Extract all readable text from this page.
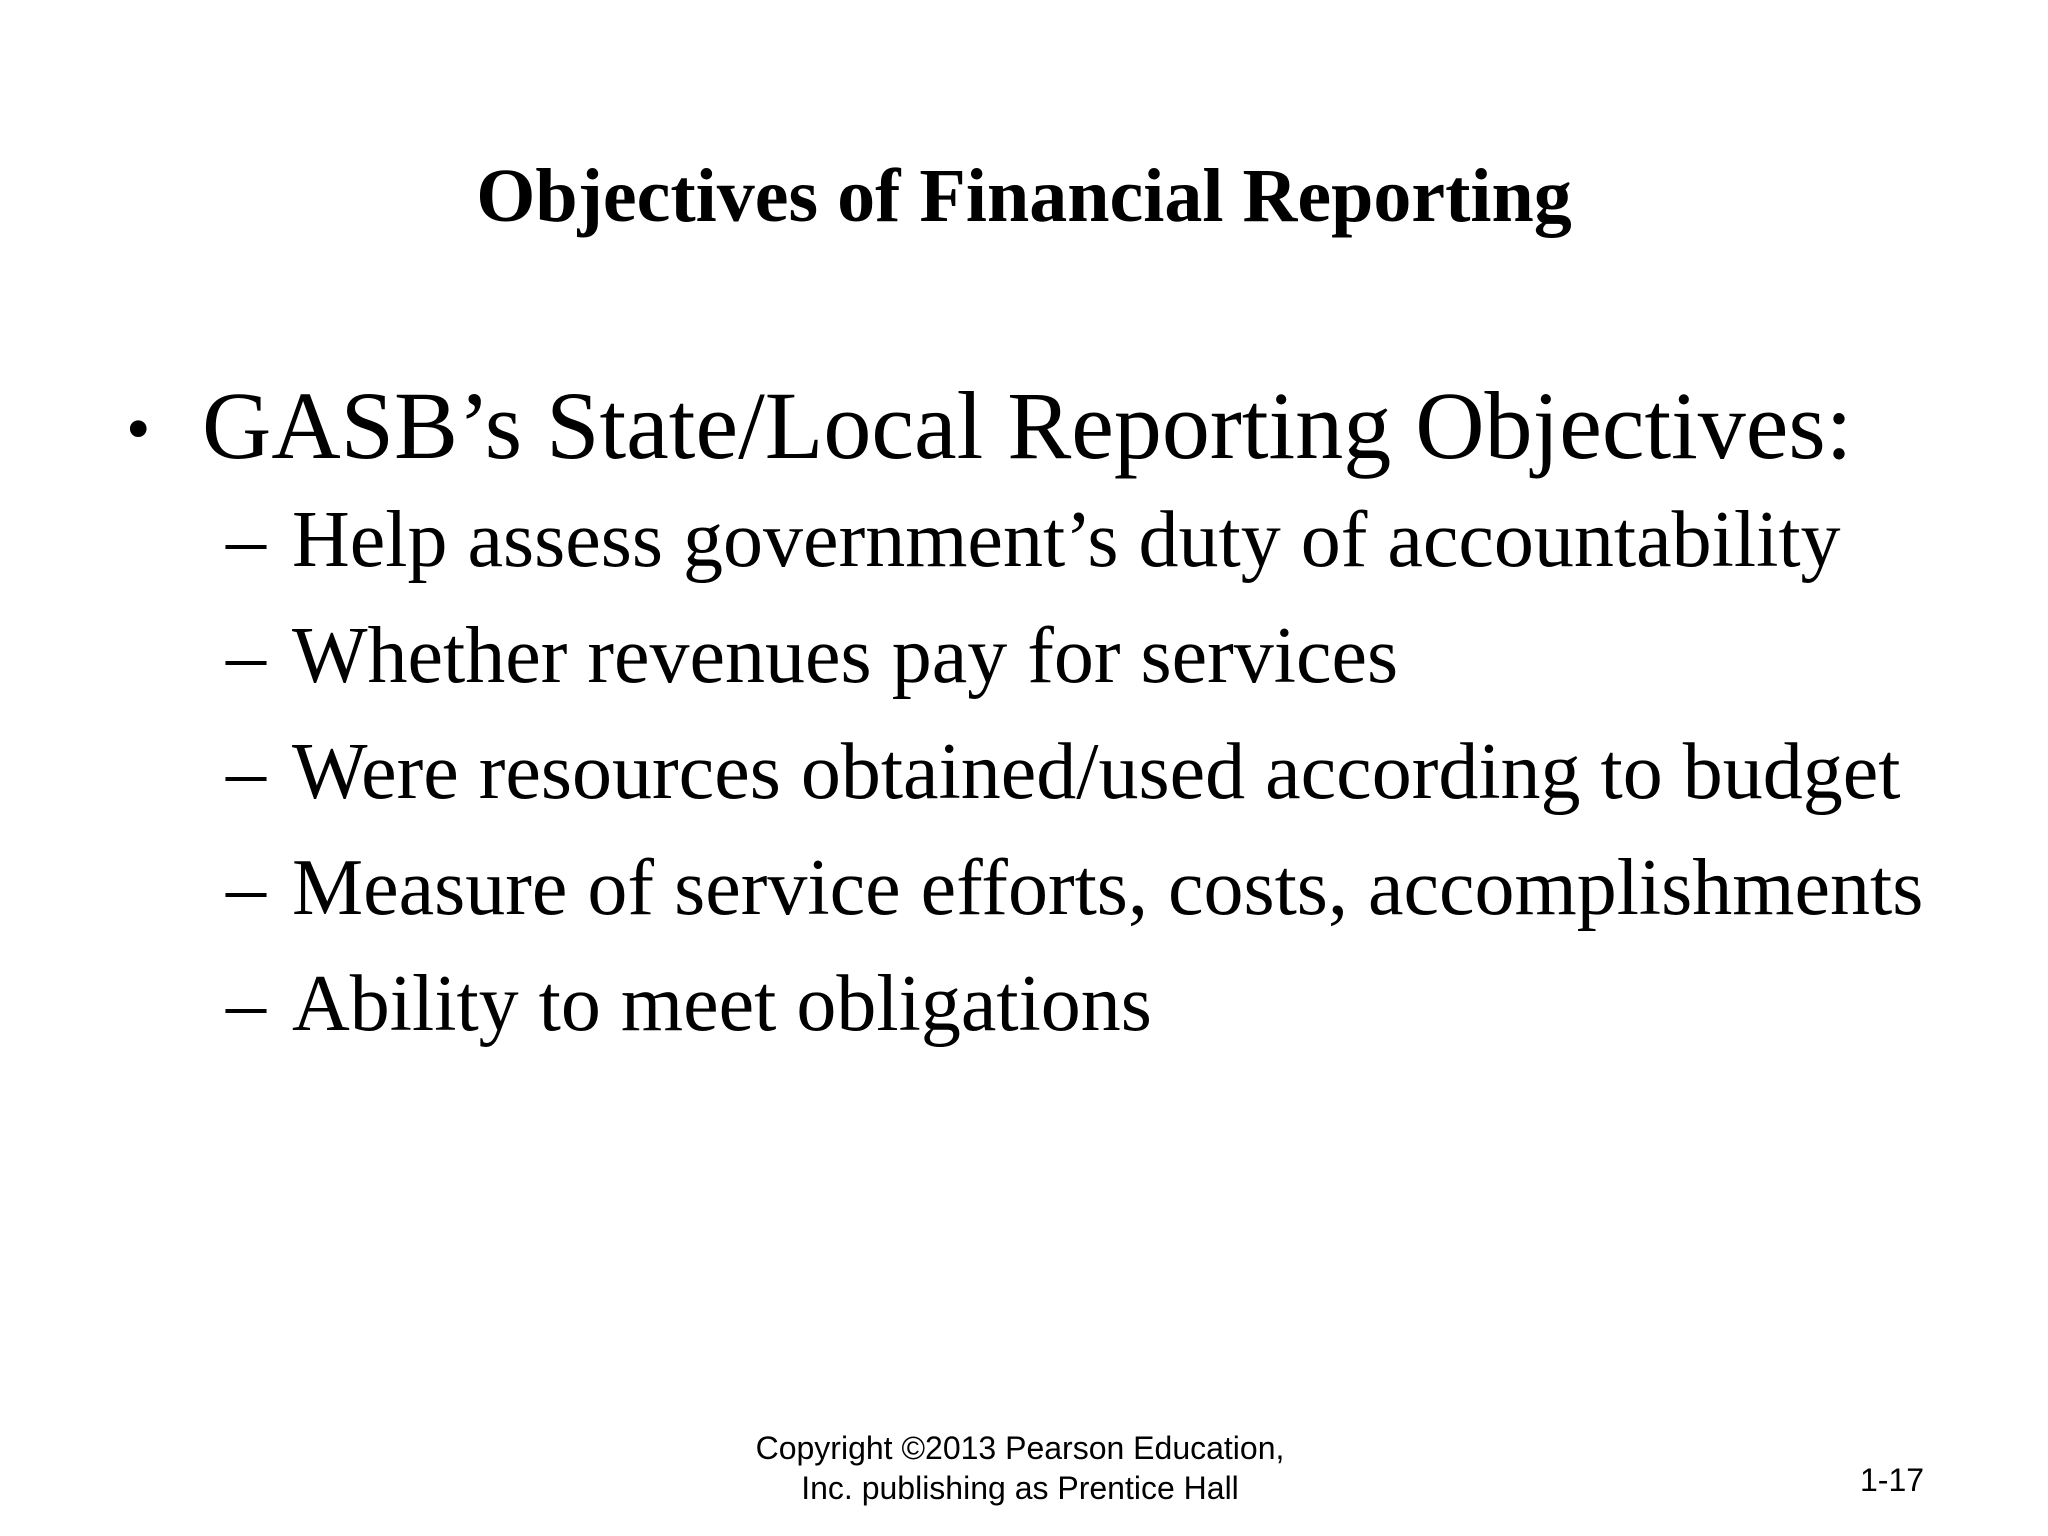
Objectives of Financial Reporting
• GASB’s State/Local Reporting Objectives:
– Help assess government’s duty of accountability
– Whether revenues pay for services
– Were resources obtained/used according to budget
– Measure of service efforts, costs, accomplishments
– Ability to meet obligations
Copyright ©2013 Pearson Education,
Inc. publishing as Prentice Hall	1-17
